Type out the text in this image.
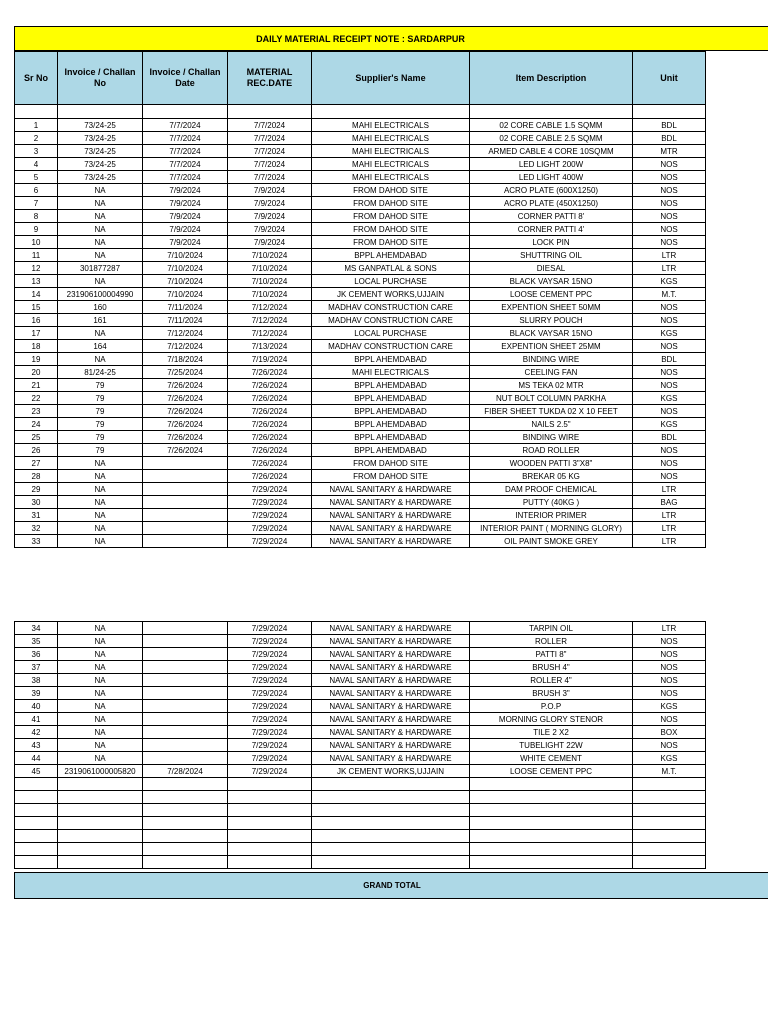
DAILY MATERIAL RECEIPT NOTE : SARDARPUR
Sr No	Invoice / Challan No	Invoice / Challan Date	MATERIAL REC.DATE	Supplier's Name	Item Description	Unit

1	73/24-25	7/7/2024	7/7/2024	MAHI ELECTRICALS	02 CORE CABLE 1.5 SQMM	BDL
2	73/24-25	7/7/2024	7/7/2024	MAHI ELECTRICALS	02 CORE CABLE 2.5 SQMM	BDL
3	73/24-25	7/7/2024	7/7/2024	MAHI ELECTRICALS	ARMED CABLE 4 CORE 10SQMM	MTR
4	73/24-25	7/7/2024	7/7/2024	MAHI ELECTRICALS	LED LIGHT 200W	NOS
5	73/24-25	7/7/2024	7/7/2024	MAHI ELECTRICALS	LED LIGHT 400W	NOS
6	NA	7/9/2024	7/9/2024	FROM DAHOD SITE	ACRO PLATE (600X1250)	NOS
7	NA	7/9/2024	7/9/2024	FROM DAHOD SITE	ACRO PLATE (450X1250)	NOS
8	NA	7/9/2024	7/9/2024	FROM DAHOD SITE	CORNER PATTI 8'	NOS
9	NA	7/9/2024	7/9/2024	FROM DAHOD SITE	CORNER PATTI 4'	NOS
10	NA	7/9/2024	7/9/2024	FROM DAHOD SITE	LOCK PIN	NOS
11	NA	7/10/2024	7/10/2024	BPPL AHEMDABAD	SHUTTRING OIL	LTR
12	301877287	7/10/2024	7/10/2024	MS GANPATLAL & SONS	DIESAL	LTR
13	NA	7/10/2024	7/10/2024	LOCAL PURCHASE	BLACK VAYSAR 15NO	KGS
14	231906100004990	7/10/2024	7/10/2024	JK CEMENT WORKS,UJJAIN	LOOSE CEMENT PPC	M.T.
15	160	7/11/2024	7/12/2024	MADHAV CONSTRUCTION CARE	EXPENTION SHEET 50MM	NOS
16	161	7/11/2024	7/12/2024	MADHAV CONSTRUCTION CARE	SLURRY POUCH	NOS
17	NA	7/12/2024	7/12/2024	LOCAL PURCHASE	BLACK VAYSAR 15NO	KGS
18	164	7/12/2024	7/13/2024	MADHAV CONSTRUCTION CARE	EXPENTION SHEET 25MM	NOS
19	NA	7/18/2024	7/19/2024	BPPL AHEMDABAD	BINDING WIRE	BDL
20	81/24-25	7/25/2024	7/26/2024	MAHI ELECTRICALS	CEELING FAN	NOS
21	79	7/26/2024	7/26/2024	BPPL AHEMDABAD	MS TEKA 02 MTR	NOS
22	79	7/26/2024	7/26/2024	BPPL AHEMDABAD	NUT BOLT COLUMN PARKHA	KGS
23	79	7/26/2024	7/26/2024	BPPL AHEMDABAD	FIBER SHEET TUKDA 02 X 10 FEET	NOS
24	79	7/26/2024	7/26/2024	BPPL AHEMDABAD	NAILS 2.5"	KGS
25	79	7/26/2024	7/26/2024	BPPL AHEMDABAD	BINDING WIRE	BDL
26	79	7/26/2024	7/26/2024	BPPL AHEMDABAD	ROAD ROLLER	NOS
27	NA		7/26/2024	FROM DAHOD SITE	WOODEN PATTI 3"X8"	NOS
28	NA		7/26/2024	FROM DAHOD SITE	BREKAR 05 KG	NOS
29	NA		7/29/2024	NAVAL SANITARY & HARDWARE	DAM PROOF CHEMICAL	LTR
30	NA		7/29/2024	NAVAL SANITARY & HARDWARE	PUTTY (40KG )	BAG
31	NA		7/29/2024	NAVAL SANITARY & HARDWARE	INTERIOR PRIMER	LTR
32	NA		7/29/2024	NAVAL SANITARY & HARDWARE	INTERIOR PAINT ( MORNING GLORY)	LTR
33	NA		7/29/2024	NAVAL SANITARY & HARDWARE	OIL PAINT SMOKE GREY	LTR
34	NA		7/29/2024	NAVAL SANITARY & HARDWARE	TARPIN OIL	LTR
35	NA		7/29/2024	NAVAL SANITARY & HARDWARE	ROLLER	NOS
36	NA		7/29/2024	NAVAL SANITARY & HARDWARE	PATTI 8"	NOS
37	NA		7/29/2024	NAVAL SANITARY & HARDWARE	BRUSH 4"	NOS
38	NA		7/29/2024	NAVAL SANITARY & HARDWARE	ROLLER 4"	NOS
39	NA		7/29/2024	NAVAL SANITARY & HARDWARE	BRUSH 3"	NOS
40	NA		7/29/2024	NAVAL SANITARY & HARDWARE	P.O.P	KGS
41	NA		7/29/2024	NAVAL SANITARY & HARDWARE	MORNING GLORY STENOR	NOS
42	NA		7/29/2024	NAVAL SANITARY & HARDWARE	TILE 2 X2	BOX
43	NA		7/29/2024	NAVAL SANITARY & HARDWARE	TUBELIGHT 22W	NOS
44	NA		7/29/2024	NAVAL SANITARY & HARDWARE	WHITE CEMENT	KGS
45	2319061000005820	7/28/2024	7/29/2024	JK CEMENT WORKS,UJJAIN	LOOSE CEMENT PPC	M.T.

GRAND TOTAL
